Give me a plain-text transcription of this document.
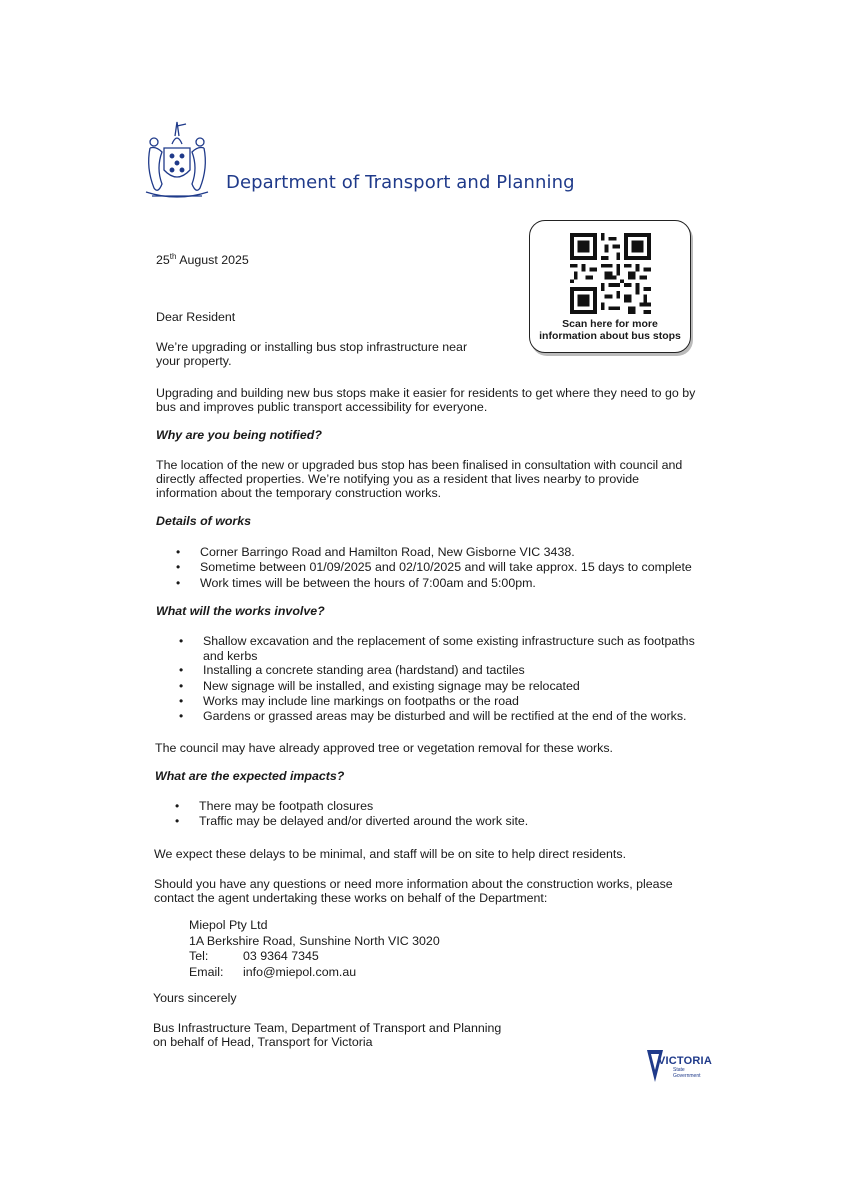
Department of Transport and Planning
25th August 2025
Scan here for more
information about bus stops
Dear Resident
We’re upgrading or installing bus stop infrastructure near
your property.
Upgrading and building new bus stops make it easier for residents to get where they need to go by
bus and improves public transport accessibility for everyone.
Why are you being notified?
The location of the new or upgraded bus stop has been finalised in consultation with council and
directly affected properties. We’re notifying you as a resident that lives nearby to provide
information about the temporary construction works.
Details of works
• Corner Barringo Road and Hamilton Road, New Gisborne VIC 3438.
• Sometime between 01/09/2025 and 02/10/2025 and will take approx. 15 days to complete
• Work times will be between the hours of 7:00am and 5:00pm.
What will the works involve?
• Shallow excavation and the replacement of some existing infrastructure such as footpaths
and kerbs
• Installing a concrete standing area (hardstand) and tactiles
• New signage will be installed, and existing signage may be relocated
• Works may include line markings on footpaths or the road
• Gardens or grassed areas may be disturbed and will be rectified at the end of the works.
The council may have already approved tree or vegetation removal for these works.
What are the expected impacts?
• There may be footpath closures
• Traffic may be delayed and/or diverted around the work site.
We expect these delays to be minimal, and staff will be on site to help direct residents.
Should you have any questions or need more information about the construction works, please
contact the agent undertaking these works on behalf of the Department:
Miepol Pty Ltd
1A Berkshire Road, Sunshine North VIC 3020
Tel:	03 9364 7345
Email: info@miepol.com.au
Yours sincerely
Bus Infrastructure Team, Department of Transport and Planning
on behalf of Head, Transport for Victoria
VICTORIA
State
Government
